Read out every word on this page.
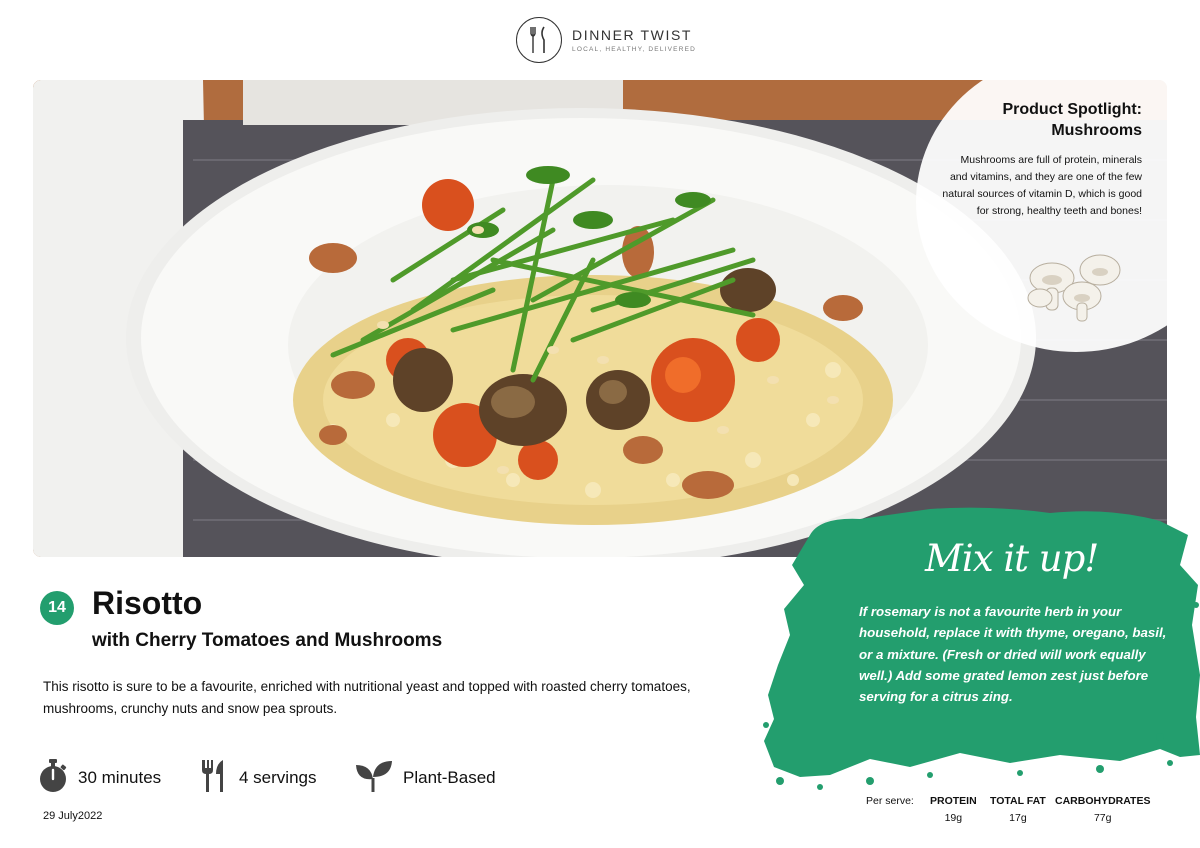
DINNER TWIST
LOCAL, HEALTHY, DELIVERED
Product Spotlight:
Mushrooms
Mushrooms are full of protein, minerals and vitamins, and they are one of the few natural sources of vitamin D, which is good for strong, healthy teeth and bones!
Mix it up!
If rosemary is not a favourite herb in your household, replace it with thyme, oregano, basil, or a mixture. (Fresh or dried will work equally well.) Add some grated lemon zest just before serving for a citrus zing.
14 Risotto
with Cherry Tomatoes and Mushrooms
This risotto is sure to be a favourite, enriched with nutritional yeast and topped with roasted cherry tomatoes, mushrooms, crunchy nuts and snow pea sprouts.
30 minutes	4 servings	Plant-Based
29 July2022
Per serve: PROTEIN
19g
TOTAL FAT
17g
CARBOHYDRATES
77g
